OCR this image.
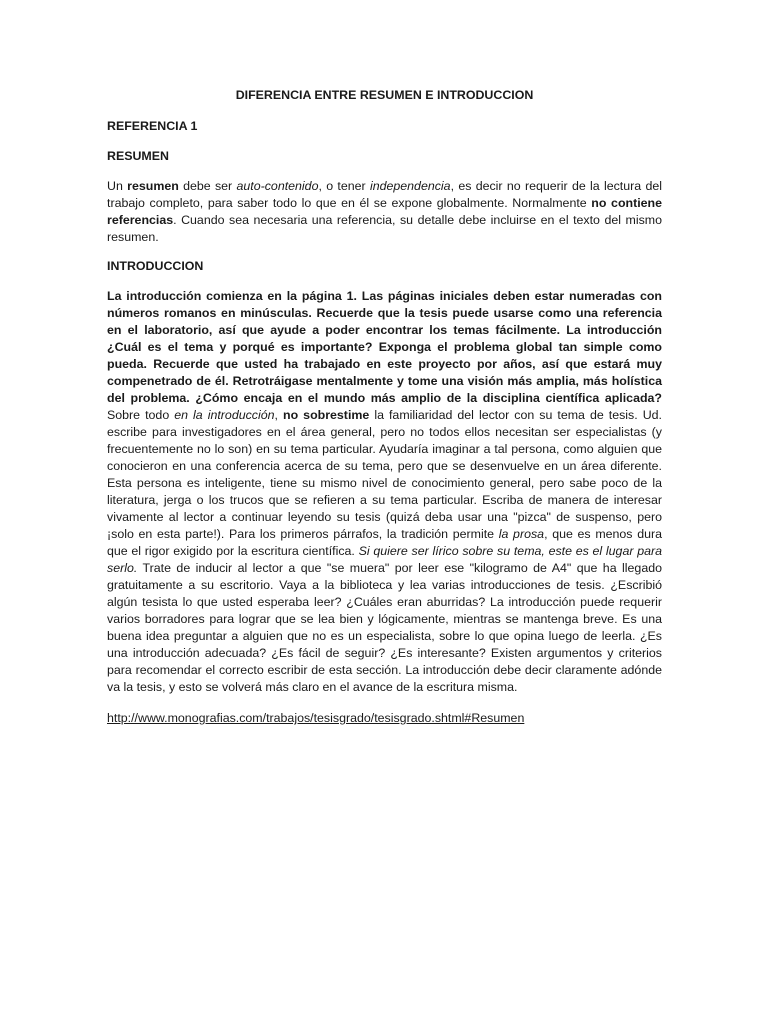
DIFERENCIA ENTRE RESUMEN E INTRODUCCION
REFERENCIA 1
RESUMEN
Un resumen debe ser auto-contenido, o tener independencia, es decir no requerir de la lectura del trabajo completo, para saber todo lo que en él se expone globalmente. Normalmente no contiene referencias. Cuando sea necesaria una referencia, su detalle debe incluirse en el texto del mismo resumen.
INTRODUCCION
La introducción comienza en la página 1. Las páginas iniciales deben estar numeradas con números romanos en minúsculas. Recuerde que la tesis puede usarse como una referencia en el laboratorio, así que ayude a poder encontrar los temas fácilmente. La introducción ¿Cuál es el tema y porqué es importante? Exponga el problema global tan simple como pueda. Recuerde que usted ha trabajado en este proyecto por años, así que estará muy compenetrado de él. Retrotráigase mentalmente y tome una visión más amplia, más holística del problema. ¿Cómo encaja en el mundo más amplio de la disciplina científica aplicada? Sobre todo en la introducción, no sobrestime la familiaridad del lector con su tema de tesis. Ud. escribe para investigadores en el área general, pero no todos ellos necesitan ser especialistas (y frecuentemente no lo son) en su tema particular. Ayudaría imaginar a tal persona, como alguien que conocieron en una conferencia acerca de su tema, pero que se desenvuelve en un área diferente. Esta persona es inteligente, tiene su mismo nivel de conocimiento general, pero sabe poco de la literatura, jerga o los trucos que se refieren a su tema particular. Escriba de manera de interesar vivamente al lector a continuar leyendo su tesis (quizá deba usar una "pizca" de suspenso, pero ¡solo en esta parte!). Para los primeros párrafos, la tradición permite la prosa, que es menos dura que el rigor exigido por la escritura científica. Si quiere ser lírico sobre su tema, este es el lugar para serlo. Trate de inducir al lector a que "se muera" por leer ese "kilogramo de A4" que ha llegado gratuitamente a su escritorio. Vaya a la biblioteca y lea varias introducciones de tesis. ¿Escribió algún tesista lo que usted esperaba leer? ¿Cuáles eran aburridas? La introducción puede requerir varios borradores para lograr que se lea bien y lógicamente, mientras se mantenga breve. Es una buena idea preguntar a alguien que no es un especialista, sobre lo que opina luego de leerla. ¿Es una introducción adecuada? ¿Es fácil de seguir? ¿Es interesante? Existen argumentos y criterios para recomendar el correcto escribir de esta sección. La introducción debe decir claramente adónde va la tesis, y esto se volverá más claro en el avance de la escritura misma.
http://www.monografias.com/trabajos/tesisgrado/tesisgrado.shtml#Resumen
